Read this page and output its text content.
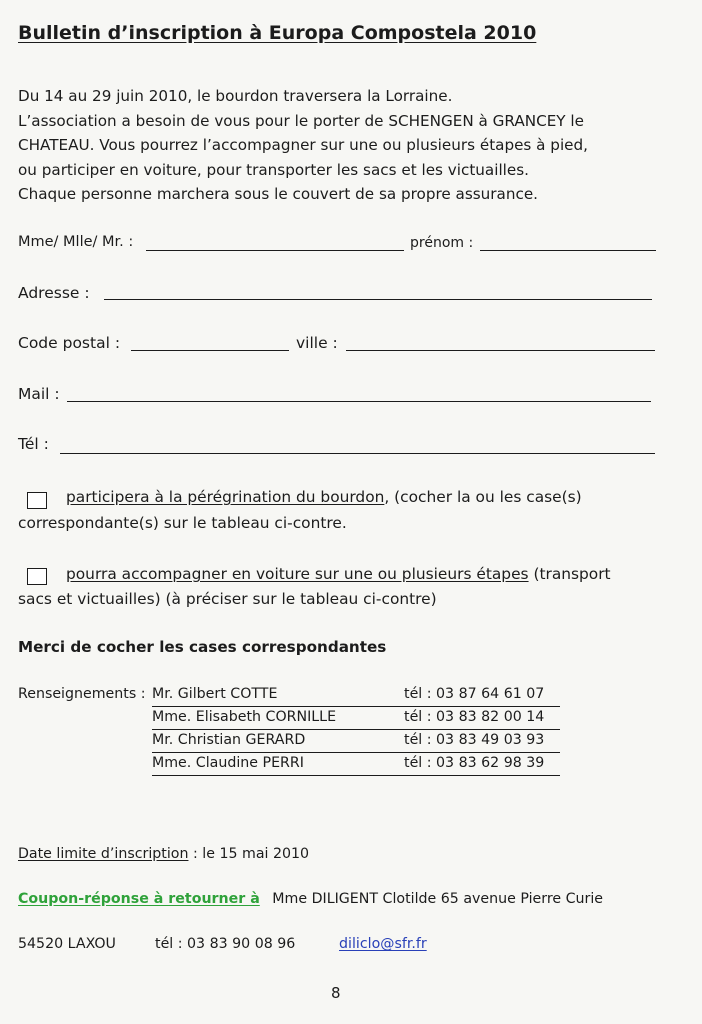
Bulletin d’inscription à Europa Compostela 2010
Du 14 au 29 juin 2010, le bourdon traversera la Lorraine.
L’association a besoin de vous pour le porter de SCHENGEN à GRANCEY le
CHATEAU. Vous pourrez l’accompagner sur une ou plusieurs étapes à pied,
ou participer en voiture, pour transporter les sacs et les victuailles.
Chaque personne marchera sous le couvert de sa propre assurance.
Mme/ Mlle/ Mr. :	prénom :
Adresse :
Code postal :	ville :
Mail :
Tél :
participera à la pérégrination du bourdon, (cocher la ou les case(s)
correspondante(s) sur le tableau ci-contre.
pourra accompagner en voiture sur une ou plusieurs étapes (transport
sacs et victuailles) (à préciser sur le tableau ci-contre)
Merci de cocher les cases correspondantes
Renseignements : Mr. Gilbert COTTE	tél : 03 87 64 61 07
Mme. Elisabeth CORNILLE	tél : 03 83 82 00 14
Mr. Christian GERARD	tél : 03 83 49 03 93
Mme. Claudine PERRI	tél : 03 83 62 98 39
Date limite d’inscription : le 15 mai 2010
Coupon-réponse à retourner à Mme DILIGENT Clotilde 65 avenue Pierre Curie
54520 LAXOU	tél : 03 83 90 08 96	diliclo@sfr.fr
8
